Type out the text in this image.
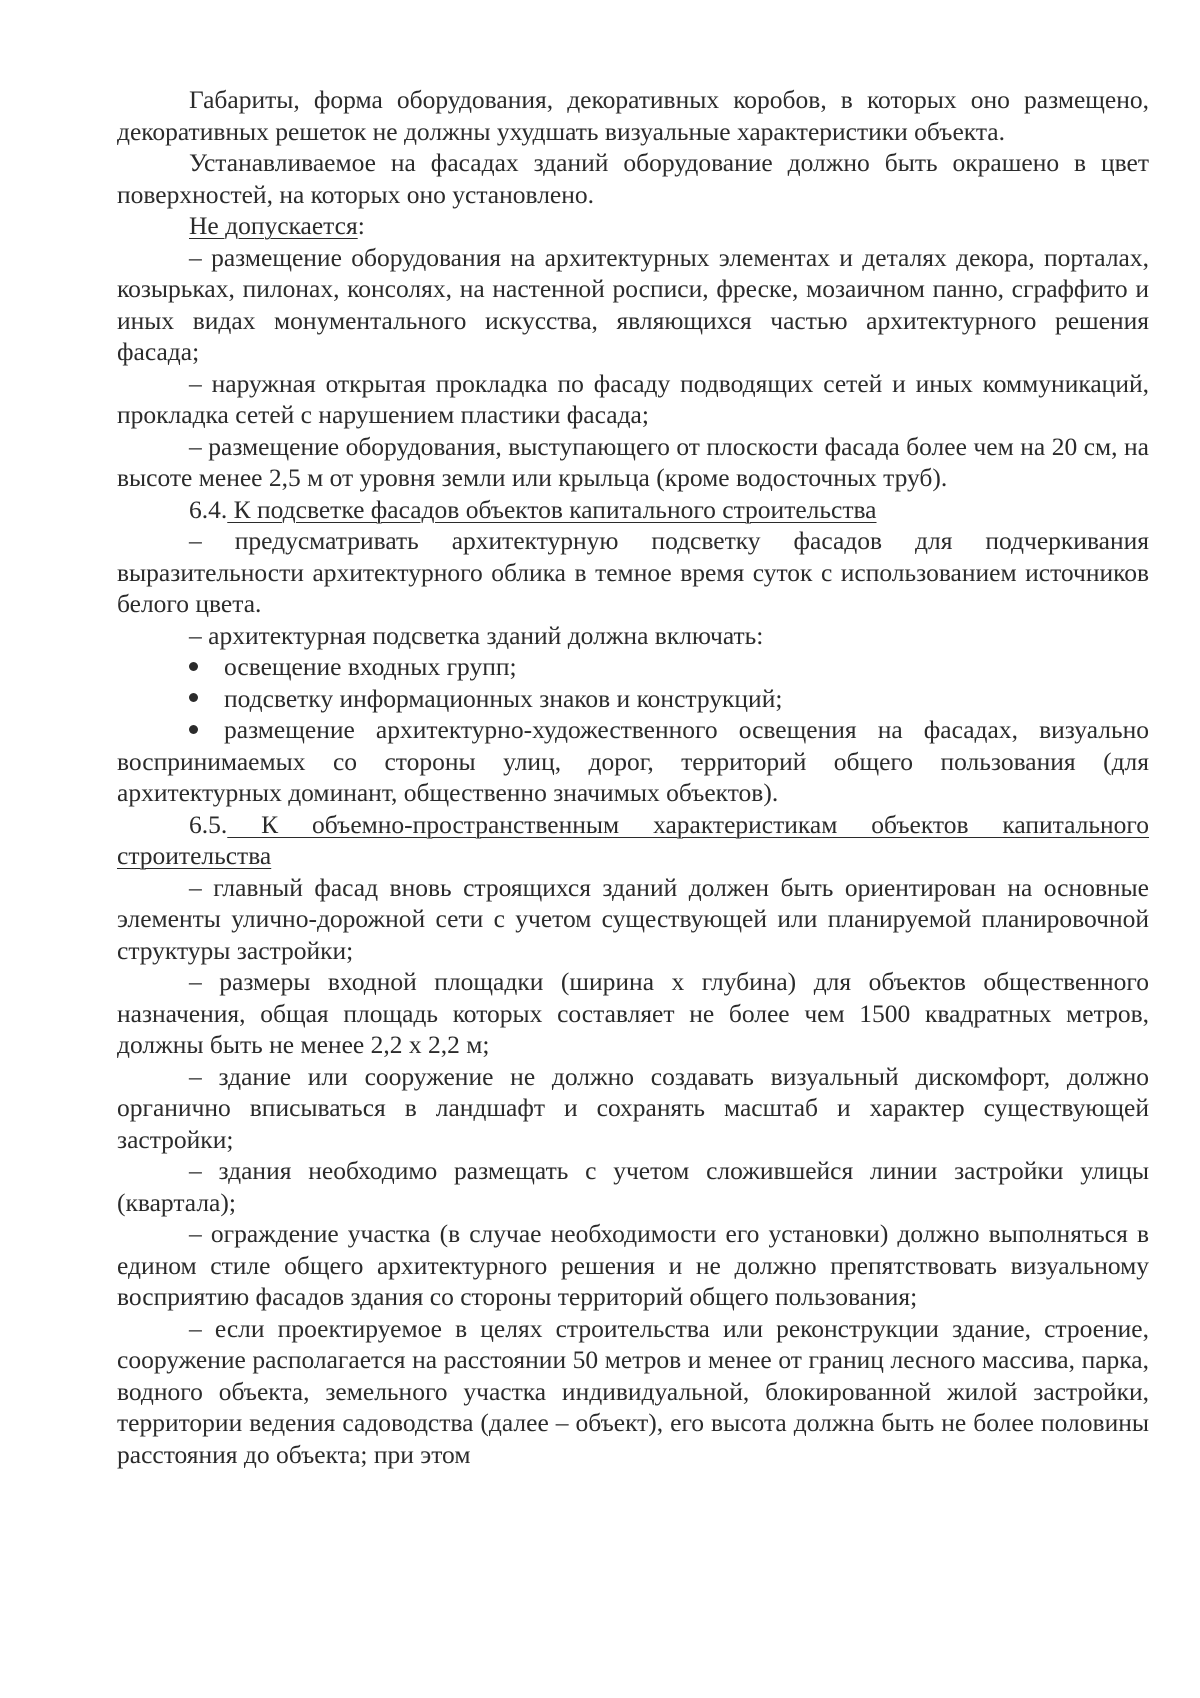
Габариты, форма оборудования, декоративных коробов, в которых оно размещено, декоративных решеток не должны ухудшать визуальные характеристики объекта.

Устанавливаемое на фасадах зданий оборудование должно быть окрашено в цвет поверхностей, на которых оно установлено.

Не допускается:

– размещение оборудования на архитектурных элементах и деталях декора, порталах, козырьках, пилонах, консолях, на настенной росписи, фреске, мозаичном панно, сграффито и иных видах монументального искусства, являющихся частью архитектурного решения фасада;

– наружная открытая прокладка по фасаду подводящих сетей и иных коммуникаций, прокладка сетей с нарушением пластики фасада;

– размещение оборудования, выступающего от плоскости фасада более чем на 20 см, на высоте менее 2,5 м от уровня земли или крыльца (кроме водосточных труб).

6.4. К подсветке фасадов объектов капитального строительства

– предусматривать архитектурную подсветку фасадов для подчеркивания выразительности архитектурного облика в темное время суток с использованием источников белого цвета.

– архитектурная подсветка зданий должна включать:

освещение входных групп;

подсветку информационных знаков и конструкций;

размещение архитектурно-художественного освещения на фасадах, визуально воспринимаемых со стороны улиц, дорог, территорий общего пользования (для архитектурных доминант, общественно значимых объектов).

6.5. К объемно-пространственным характеристикам объектов капитального строительства

– главный фасад вновь строящихся зданий должен быть ориентирован на основные элементы улично-дорожной сети с учетом существующей или планируемой планировочной структуры застройки;

– размеры входной площадки (ширина х глубина) для объектов общественного назначения, общая площадь которых составляет не более чем 1500 квадратных метров, должны быть не менее 2,2 х 2,2 м;

– здание или сооружение не должно создавать визуальный дискомфорт, должно органично вписываться в ландшафт и сохранять масштаб и характер существующей застройки;

– здания необходимо размещать с учетом сложившейся линии застройки улицы (квартала);

– ограждение участка (в случае необходимости его установки) должно выполняться в едином стиле общего архитектурного решения и не должно препятствовать визуальному восприятию фасадов здания со стороны территорий общего пользования;

– если проектируемое в целях строительства или реконструкции здание, строение, сооружение располагается на расстоянии 50 метров и менее от границ лесного массива, парка, водного объекта, земельного участка индивидуальной, блокированной жилой застройки, территории ведения садоводства (далее – объект), его высота должна быть не более половины расстояния до объекта; при этом
